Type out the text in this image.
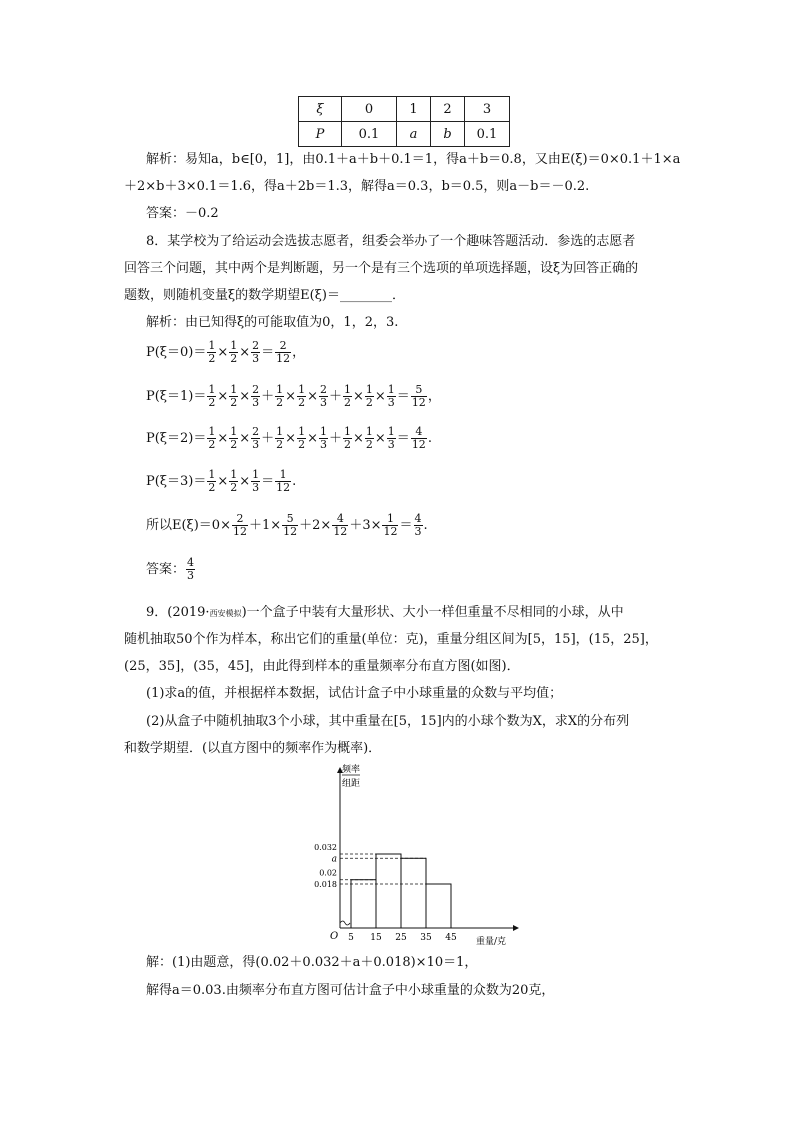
ξ	0	1	2	3
P	0.1	a	b	0.1
解析：易知a，b∈[0，1]，由0.1＋a＋b＋0.1＝1，得a＋b＝0.8，又由E(ξ)＝0×0.1＋1×a
＋2×b＋3×0.1＝1.6，得a＋2b＝1.3，解得a＝0.3，b＝0.5，则a－b＝－0.2.
答案：－0.2
8．某学校为了给运动会选拔志愿者，组委会举办了一个趣味答题活动．参选的志愿者
回答三个问题，其中两个是判断题，另一个是有三个选项的单项选择题，设ξ为回答正确的
题数，则随机变量ξ的数学期望E(ξ)＝________．
解析：由已知得ξ的可能取值为0，1，2，3.
$P(\xi=0)= \frac{1}{2} \times \frac{1}{2} \times \frac{2}{3} = \frac{2}{12}$ ，
$P(\xi=1)= \frac{1}{2} \times \frac{1}{2} \times \frac{2}{3} + \frac{1}{2} \times \frac{1}{2} \times \frac{2}{3} + \frac{1}{2} \times \frac{1}{2} \times \frac{1}{3} = \frac{5}{12}$ ，
$P(\xi=2)= \frac{1}{2} \times \frac{1}{2} \times \frac{2}{3} + \frac{1}{2} \times \frac{1}{2} \times \frac{1}{3} + \frac{1}{2} \times \frac{1}{2} \times \frac{1}{3} = \frac{4}{12}$ .
$P(\xi=3)= \frac{1}{2} \times \frac{1}{2} \times \frac{1}{3} = \frac{1}{12}$ .
所以$E(\xi)=0\times \frac{2}{12} +1\times \frac{5}{12} +2\times \frac{4}{12} +3\times \frac{1}{12} = \frac{4}{3}$ .
答案： $\frac{4}{3}$
9．(2019·西安模拟)一个盒子中装有大量形状、大小一样但重量不尽相同的小球，从中
随机抽取50个作为样本，称出它们的重量(单位：克)，重量分组区间为[5，15]，(15，25]，
(25，35]，(35，45]，由此得到样本的重量频率分布直方图(如图)．
(1)求a的值，并根据样本数据，试估计盒子中小球重量的众数与平均值；
(2)从盒子中随机抽取3个小球，其中重量在[5，15]内的小球个数为X，求X的分布列
和数学期望．(以直方图中的频率作为概率)．
频率
组距
O	重量/克
0.018
0.02
a
0.032
5 15 25 35 45
解：(1)由题意，得(0.02＋0.032＋a＋0.018)×10＝1，
解得a＝0.03.由频率分布直方图可估计盒子中小球重量的众数为20克，
